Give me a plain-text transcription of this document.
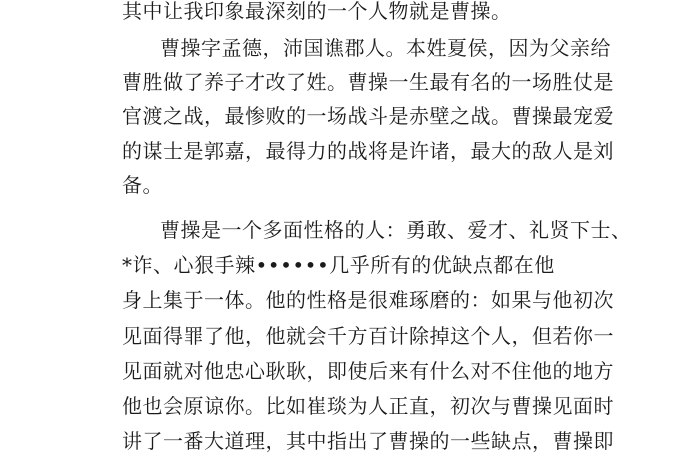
其中让我印象最深刻的一个人物就是曹操。
曹操字孟德，沛国谯郡人。本姓夏侯，因为父亲给
曹胜做了养子才改了姓。曹操一生最有名的一场胜仗是
官渡之战，最惨败的一场战斗是赤壁之战。曹操最宠爱
的谋士是郭嘉，最得力的战将是许诸，最大的敌人是刘
备。
曹操是一个多面性格的人：勇敢、爱才、礼贤下士、
*诈、心狠手辣••••••几乎所有的优缺点都在他
身上集于一体。他的性格是很难琢磨的：如果与他初次
见面得罪了他，他就会千方百计除掉这个人，但若你一
见面就对他忠心耿耿，即使后来有什么对不住他的地方
他也会原谅你。比如崔琰为人正直，初次与曹操见面时
讲了一番大道理，其中指出了曹操的一些缺点，曹操即
